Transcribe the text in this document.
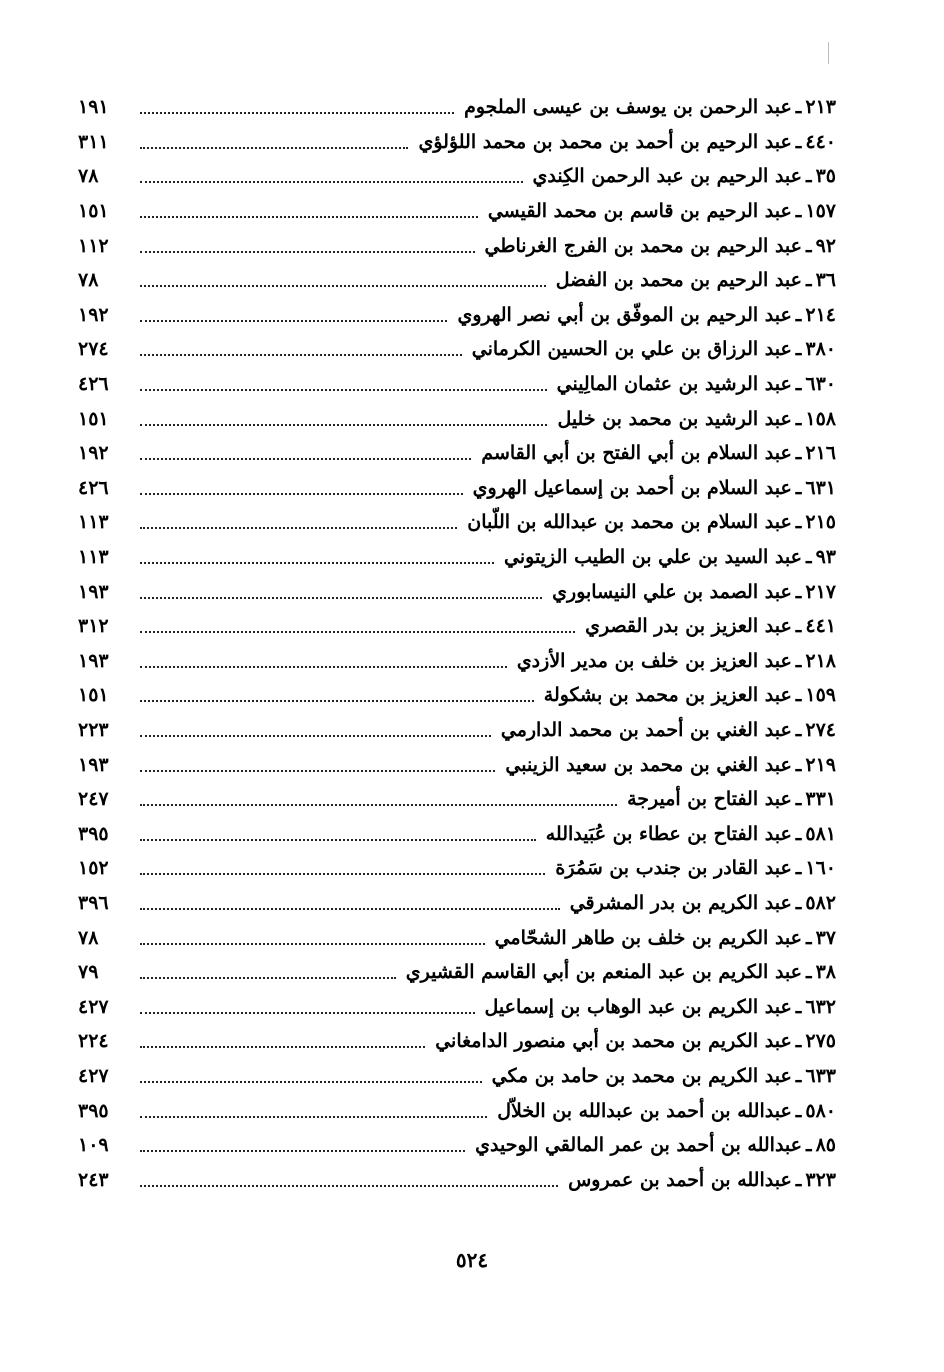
٢١٣
ـ
عبد الرحمن بن يوسف بن عيسى الملجوم
١٩١
٤٤٠
ـ
عبد الرحيم بن أحمد بن محمد بن محمد اللؤلؤي
٣١١
٣٥
ـ
عبد الرحيم بن عبد الرحمن الكِندي
٧٨
١٥٧
ـ
عبد الرحيم بن قاسم بن محمد القيسي
١٥١
٩٢
ـ
عبد الرحيم بن محمد بن الفرج الغرناطي
١١٢
٣٦
ـ
عبد الرحيم بن محمد بن الفضل
٧٨
٢١٤
ـ
عبد الرحيم بن الموفّق بن أبي نصر الهروي
١٩٢
٣٨٠
ـ
عبد الرزاق بن علي بن الحسين الكرماني
٢٧٤
٦٣٠
ـ
عبد الرشيد بن عثمان المالِيني
٤٢٦
١٥٨
ـ
عبد الرشيد بن محمد بن خليل
١٥١
٢١٦
ـ
عبد السلام بن أبي الفتح بن أبي القاسم
١٩٢
٦٣١
ـ
عبد السلام بن أحمد بن إسماعيل الهروي
٤٢٦
٢١٥
ـ
عبد السلام بن محمد بن عبدالله بن اللّبان
١١٣
٩٣
ـ
عبد السيد بن علي بن الطيب الزيتوني
١١٣
٢١٧
ـ
عبد الصمد بن علي النيسابوري
١٩٣
٤٤١
ـ
عبد العزيز بن بدر القصري
٣١٢
٢١٨
ـ
عبد العزيز بن خلف بن مدير الأزدي
١٩٣
١٥٩
ـ
عبد العزيز بن محمد بن بشكولة
١٥١
٢٧٤
ـ
عبد الغني بن أحمد بن محمد الدارمي
٢٢٣
٢١٩
ـ
عبد الغني بن محمد بن سعيد الزينبي
١٩٣
٣٣١
ـ
عبد الفتاح بن أميرجة
٢٤٧
٥٨١
ـ
عبد الفتاح بن عطاء بن عُبَيدالله
٣٩٥
١٦٠
ـ
عبد القادر بن جندب بن سَمُرَة
١٥٢
٥٨٢
ـ
عبد الكريم بن بدر المشرقي
٣٩٦
٣٧
ـ
عبد الكريم بن خلف بن طاهر الشحّامي
٧٨
٣٨
ـ
عبد الكريم بن عبد المنعم بن أبي القاسم القشيري
٧٩
٦٣٢
ـ
عبد الكريم بن عبد الوهاب بن إسماعيل
٤٢٧
٢٧٥
ـ
عبد الكريم بن محمد بن أبي منصور الدامغاني
٢٢٤
٦٣٣
ـ
عبد الكريم بن محمد بن حامد بن مكي
٤٢٧
٥٨٠
ـ
عبدالله بن أحمد بن عبدالله بن الخلاّل
٣٩٥
٨٥
ـ
عبدالله بن أحمد بن عمر المالقي الوحيدي
١٠٩
٣٢٣
ـ
عبدالله بن أحمد بن عمروس
٢٤٣
٥٢٤
